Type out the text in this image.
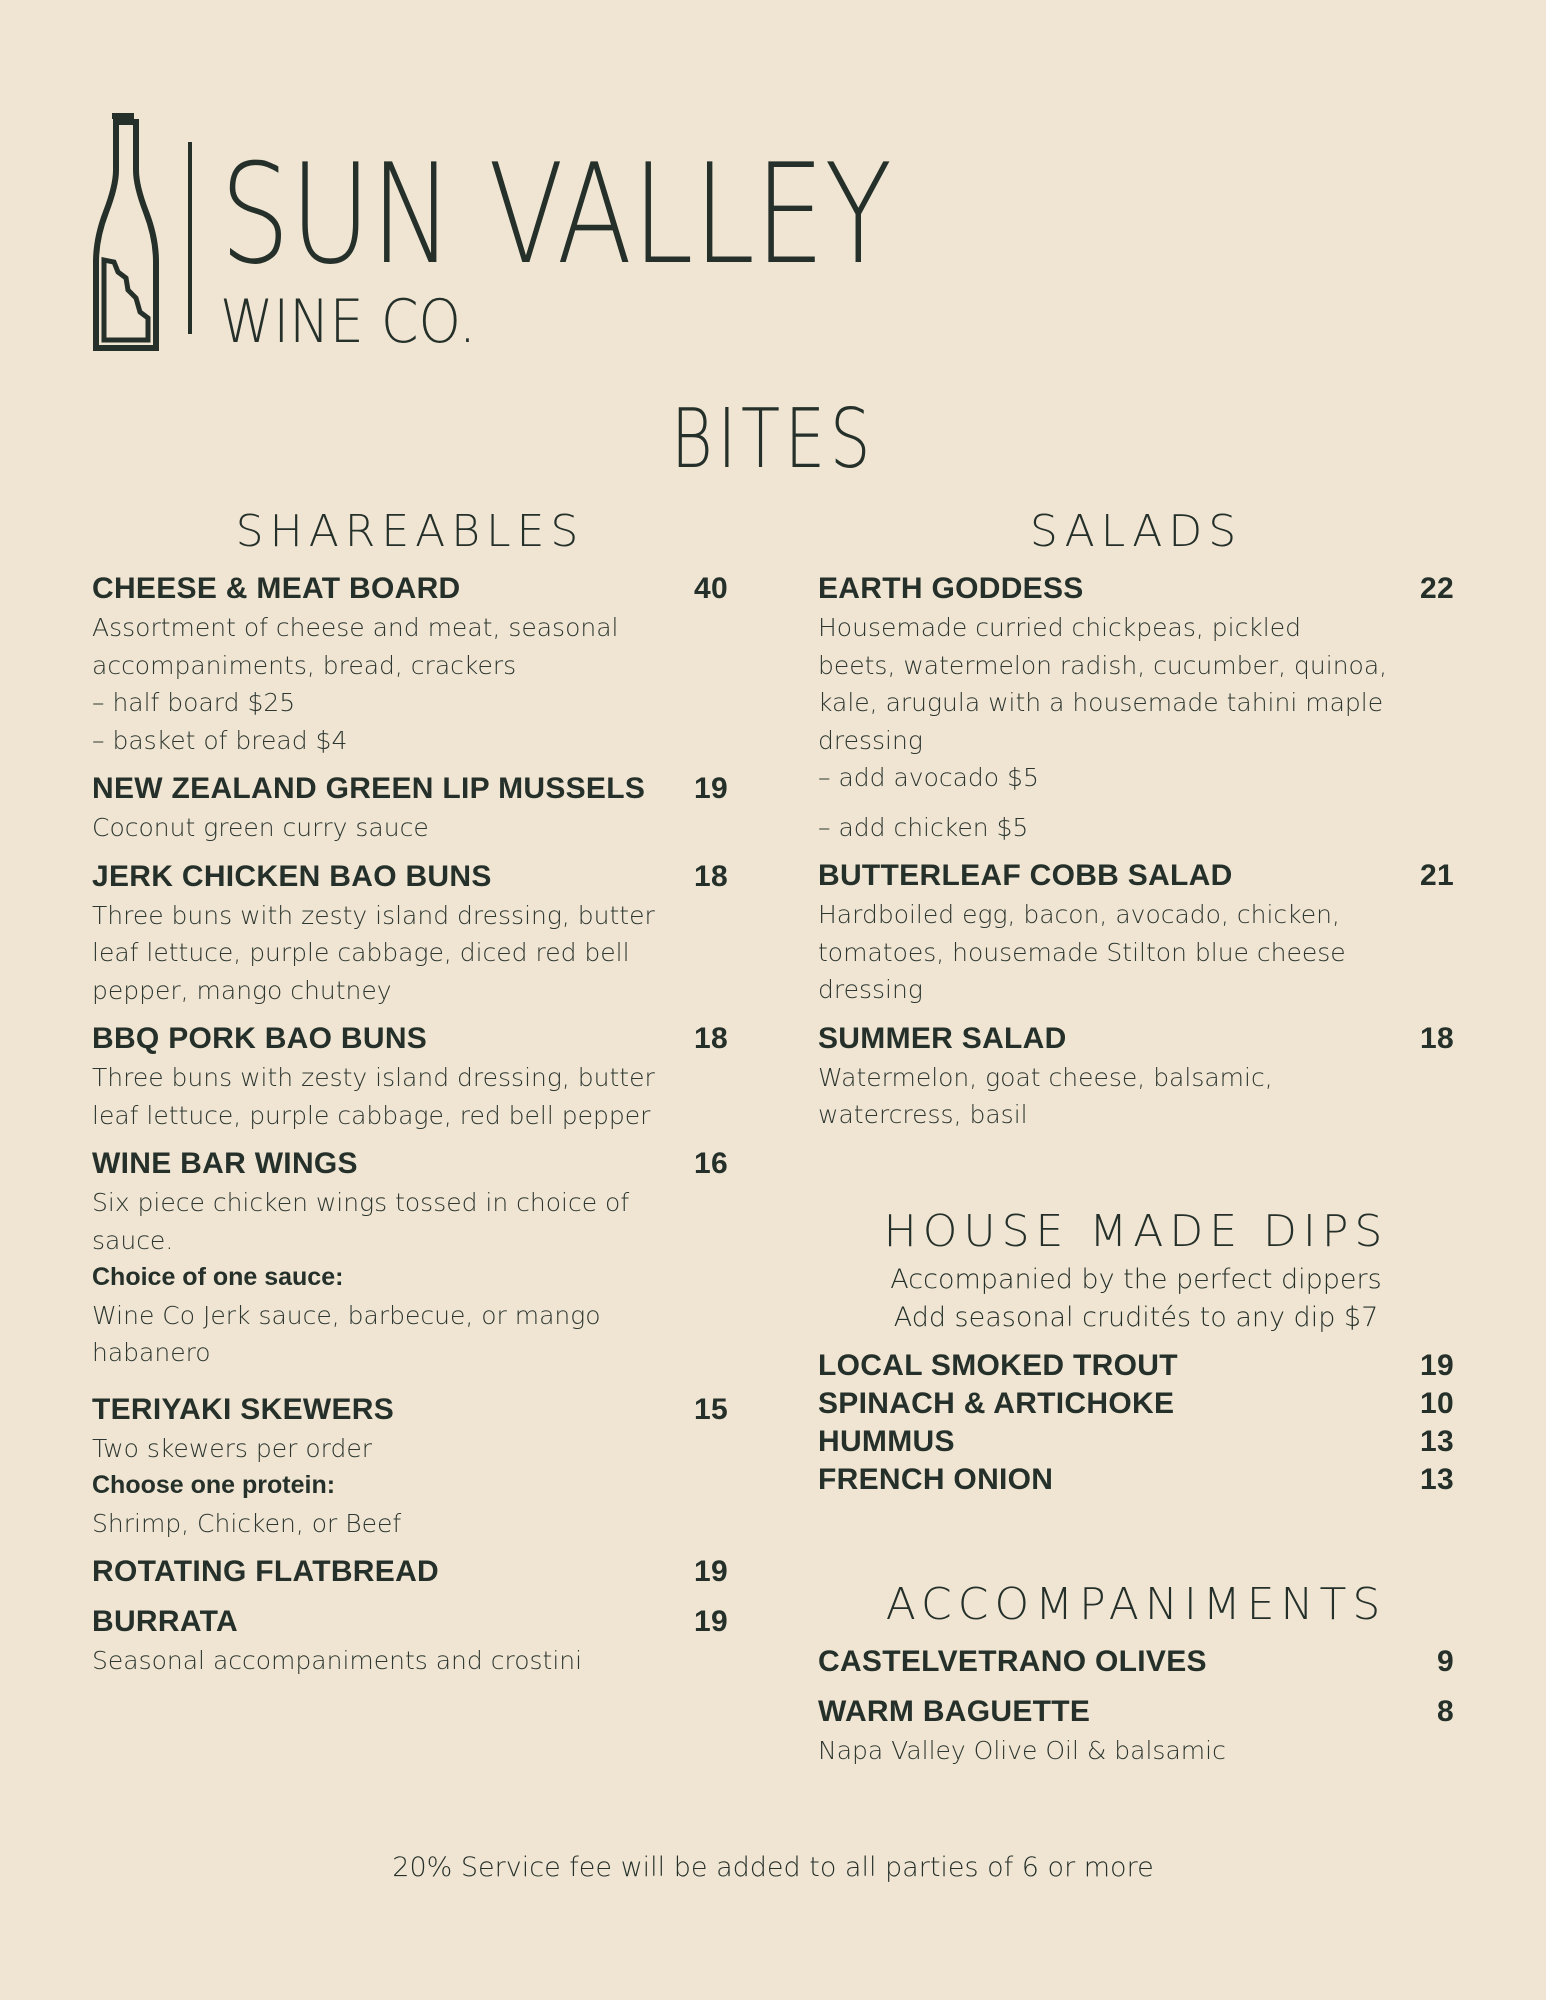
SUN VALLEY
WINE CO.
BITES
SHAREABLES
CHEESE & MEAT BOARD	40
Assortment of cheese and meat, seasonal
accompaniments, bread, crackers
– half board $25
– basket of bread $4
NEW ZEALAND GREEN LIP MUSSELS 19
Coconut green curry sauce
JERK CHICKEN BAO BUNS	18
Three buns with zesty island dressing, butter
leaf lettuce, purple cabbage, diced red bell
pepper, mango chutney
BBQ PORK BAO BUNS	18
Three buns with zesty island dressing, butter
leaf lettuce, purple cabbage, red bell pepper
WINE BAR WINGS	16
Six piece chicken wings tossed in choice of
sauce.
Choice of one sauce:
Wine Co Jerk sauce, barbecue, or mango
habanero
TERIYAKI SKEWERS	15
Two skewers per order
Choose one protein:
Shrimp, Chicken, or Beef
ROTATING FLATBREAD	19
BURRATA	19
Seasonal accompaniments and crostini
SALADS
EARTH GODDESS	22
Housemade curried chickpeas, pickled
beets, watermelon radish, cucumber, quinoa,
kale, arugula with a housemade tahini maple
dressing
– add avocado $5
– add chicken $5
BUTTERLEAF COBB SALAD	21
Hardboiled egg, bacon, avocado, chicken,
tomatoes, housemade Stilton blue cheese
dressing
SUMMER SALAD	18
Watermelon, goat cheese, balsamic,
watercress, basil
HOUSE MADE DIPS
Accompanied by the perfect dippers
Add seasonal crudités to any dip $7
LOCAL SMOKED TROUT	19
SPINACH & ARTICHOKE	10
HUMMUS	13
FRENCH ONION	13
ACCOMPANIMENTS
CASTELVETRANO OLIVES	9
WARM BAGUETTE	8
Napa Valley Olive Oil & balsamic
20% Service fee will be added to all parties of 6 or more
